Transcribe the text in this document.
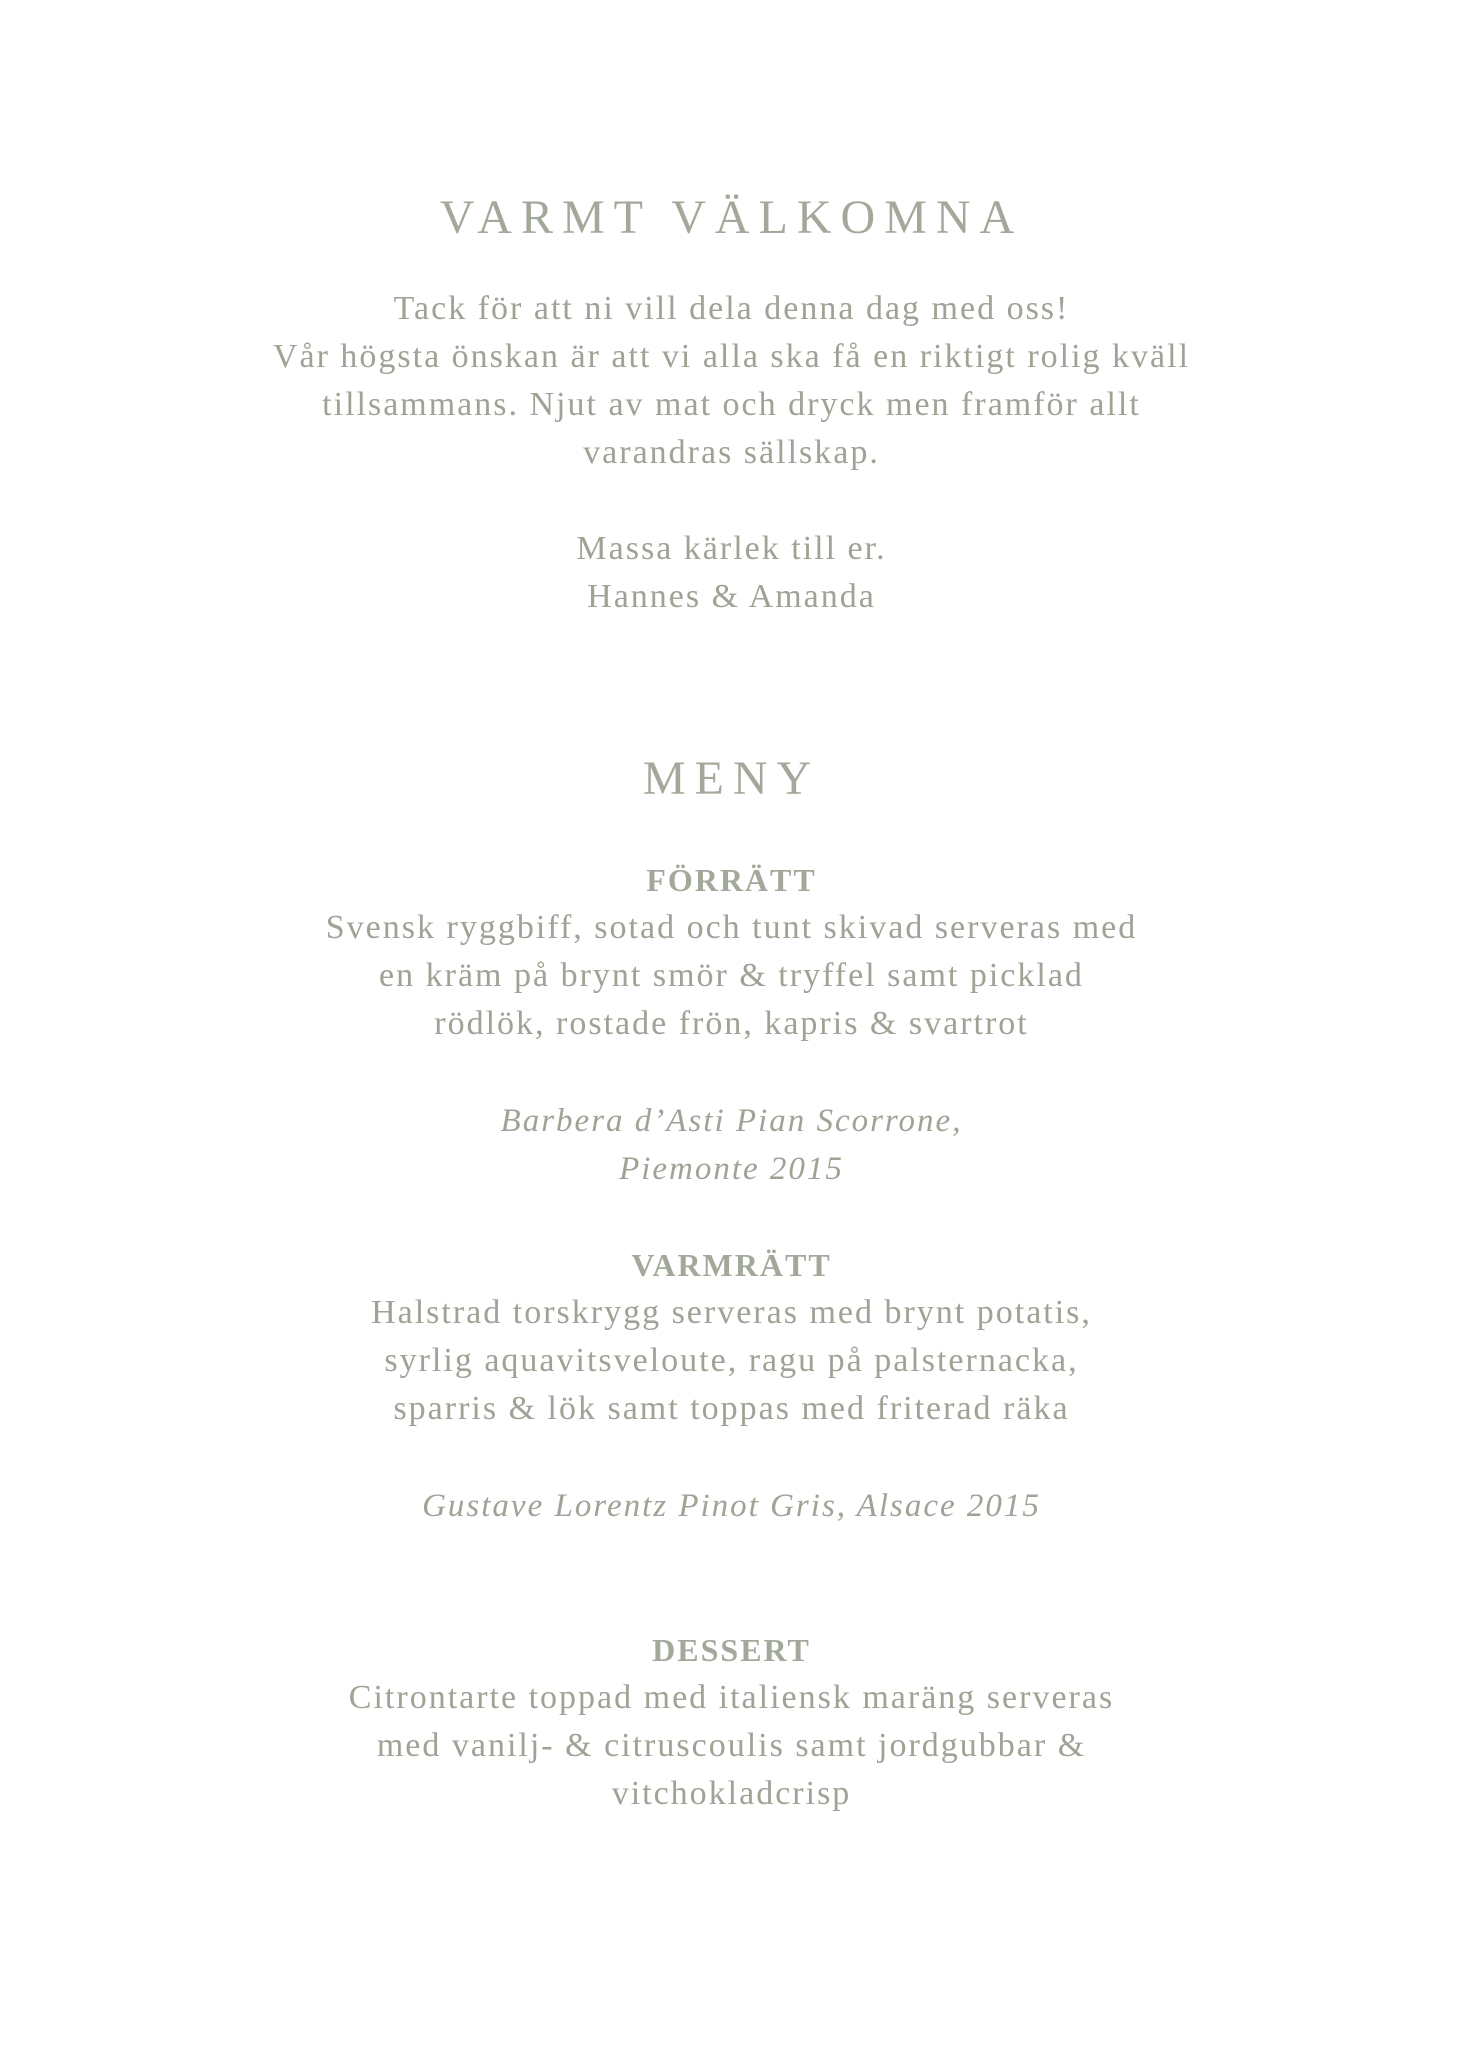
VARMT VÄLKOMNA

Tack för att ni vill dela denna dag med oss!
Vår högsta önskan är att vi alla ska få en riktigt rolig kväll
tillsammans. Njut av mat och dryck men framför allt
varandras sällskap.

Massa kärlek till er.
Hannes & Amanda

MENY
FÖRRÄTT

Svensk ryggbiff, sotad och tunt skivad serveras med
en kräm på brynt smör & tryffel samt picklad
rödlök, rostade frön, kapris & svartrot

Barbera d’Asti Pian Scorrone,
Piemonte 2015

VARMRÄTT

Halstrad torskrygg serveras med brynt potatis,
syrlig aquavitsveloute, ragu på palsternacka,
sparris & lök samt toppas med friterad räka

Gustave Lorentz Pinot Gris, Alsace 2015

DESSERT

Citrontarte toppad med italiensk maräng serveras
med vanilj- & citruscoulis samt jordgubbar &
vitchokladcrisp
